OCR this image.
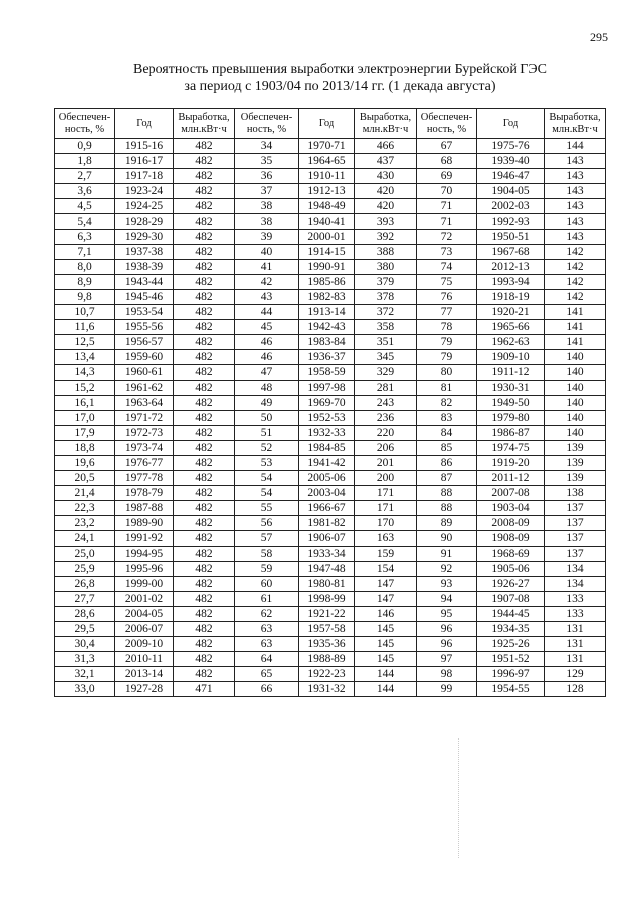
295
Вероятность превышения выработки электроэнергии Бурейской ГЭС
за период с 1903/04 по 2013/14 гг. (1 декада августа)
Обеспечен-ность, %	Год	Выработка, млн.кВт·ч	Обеспечен-ность, %	Год	Выработка, млн.кВт·ч	Обеспечен-ность, %	Год	Выработка, млн.кВт·ч
0,9	1915-16	482	34	1970-71	466	67	1975-76	144
1,8	1916-17	482	35	1964-65	437	68	1939-40	143
2,7	1917-18	482	36	1910-11	430	69	1946-47	143
3,6	1923-24	482	37	1912-13	420	70	1904-05	143
4,5	1924-25	482	38	1948-49	420	71	2002-03	143
5,4	1928-29	482	38	1940-41	393	71	1992-93	143
6,3	1929-30	482	39	2000-01	392	72	1950-51	143
7,1	1937-38	482	40	1914-15	388	73	1967-68	142
8,0	1938-39	482	41	1990-91	380	74	2012-13	142
8,9	1943-44	482	42	1985-86	379	75	1993-94	142
9,8	1945-46	482	43	1982-83	378	76	1918-19	142
10,7	1953-54	482	44	1913-14	372	77	1920-21	141
11,6	1955-56	482	45	1942-43	358	78	1965-66	141
12,5	1956-57	482	46	1983-84	351	79	1962-63	141
13,4	1959-60	482	46	1936-37	345	79	1909-10	140
14,3	1960-61	482	47	1958-59	329	80	1911-12	140
15,2	1961-62	482	48	1997-98	281	81	1930-31	140
16,1	1963-64	482	49	1969-70	243	82	1949-50	140
17,0	1971-72	482	50	1952-53	236	83	1979-80	140
17,9	1972-73	482	51	1932-33	220	84	1986-87	140
18,8	1973-74	482	52	1984-85	206	85	1974-75	139
19,6	1976-77	482	53	1941-42	201	86	1919-20	139
20,5	1977-78	482	54	2005-06	200	87	2011-12	139
21,4	1978-79	482	54	2003-04	171	88	2007-08	138
22,3	1987-88	482	55	1966-67	171	88	1903-04	137
23,2	1989-90	482	56	1981-82	170	89	2008-09	137
24,1	1991-92	482	57	1906-07	163	90	1908-09	137
25,0	1994-95	482	58	1933-34	159	91	1968-69	137
25,9	1995-96	482	59	1947-48	154	92	1905-06	134
26,8	1999-00	482	60	1980-81	147	93	1926-27	134
27,7	2001-02	482	61	1998-99	147	94	1907-08	133
28,6	2004-05	482	62	1921-22	146	95	1944-45	133
29,5	2006-07	482	63	1957-58	145	96	1934-35	131
30,4	2009-10	482	63	1935-36	145	96	1925-26	131
31,3	2010-11	482	64	1988-89	145	97	1951-52	131
32,1	2013-14	482	65	1922-23	144	98	1996-97	129
33,0	1927-28	471	66	1931-32	144	99	1954-55	128
